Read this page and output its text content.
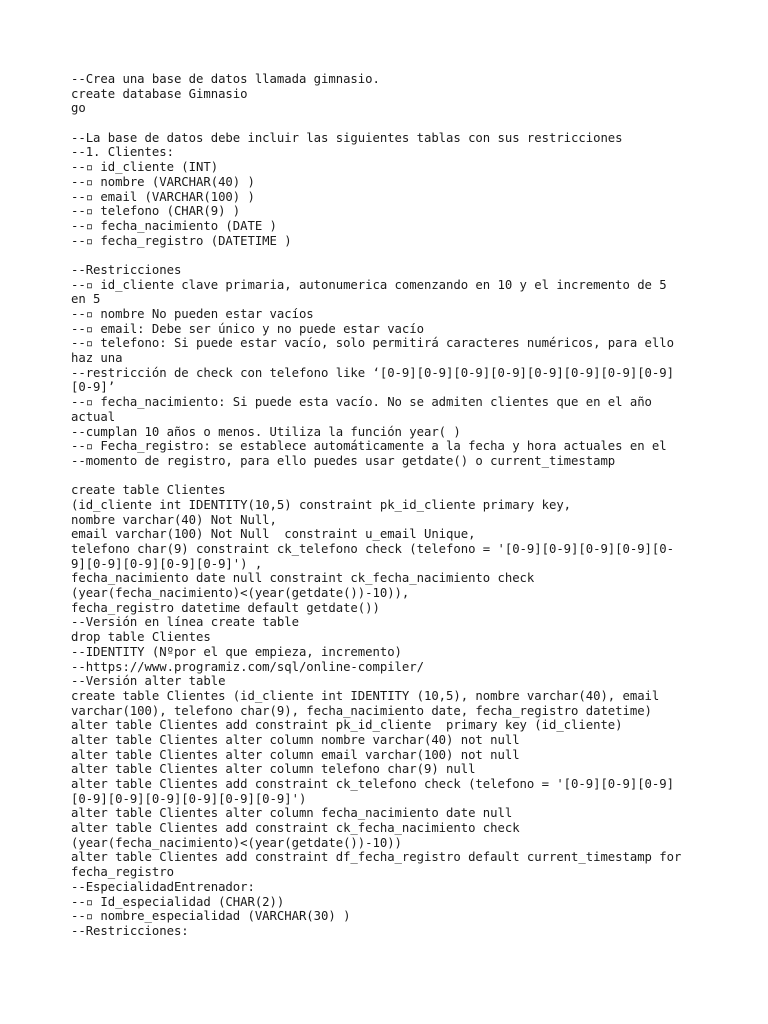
--Crea una base de datos llamada gimnasio.
create database Gimnasio
go
--La base de datos debe incluir las siguientes tablas con sus restricciones
--1. Clientes:
--▫ id_cliente (INT)
--▫ nombre (VARCHAR(40) )
--▫ email (VARCHAR(100) )
--▫ telefono (CHAR(9) )
--▫ fecha_nacimiento (DATE )
--▫ fecha_registro (DATETIME )
--Restricciones
--▫ id_cliente clave primaria, autonumerica comenzando en 10 y el incremento de 5
en 5
--▫ nombre No pueden estar vacíos
--▫ email: Debe ser único y no puede estar vacío
--▫ telefono: Si puede estar vacío, solo permitirá caracteres numéricos, para ello
haz una
--restricción de check con telefono like ‘[0-9][0-9][0-9][0-9][0-9][0-9][0-9][0-9]
[0-9]’
--▫ fecha_nacimiento: Si puede esta vacío. No se admiten clientes que en el año
actual
--cumplan 10 años o menos. Utiliza la función year( )
--▫ Fecha_registro: se establece automáticamente a la fecha y hora actuales en el
--momento de registro, para ello puedes usar getdate() o current_timestamp
create table Clientes
(id_cliente int IDENTITY(10,5) constraint pk_id_cliente primary key,
nombre varchar(40) Not Null,
email varchar(100) Not Null  constraint u_email Unique,
telefono char(9) constraint ck_telefono check (telefono = '[0-9][0-9][0-9][0-9][0-
9][0-9][0-9][0-9][0-9]') ,
fecha_nacimiento date null constraint ck_fecha_nacimiento check
(year(fecha_nacimiento)<(year(getdate())-10)),
fecha_registro datetime default getdate())
--Versión en línea create table
drop table Clientes
--IDENTITY (Nºpor el que empieza, incremento)
--https://www.programiz.com/sql/online-compiler/
--Versión alter table
create table Clientes (id_cliente int IDENTITY (10,5), nombre varchar(40), email
varchar(100), telefono char(9), fecha_nacimiento date, fecha_registro datetime)
alter table Clientes add constraint pk_id_cliente  primary key (id_cliente)
alter table Clientes alter column nombre varchar(40) not null
alter table Clientes alter column email varchar(100) not null
alter table Clientes alter column telefono char(9) null
alter table Clientes add constraint ck_telefono check (telefono = '[0-9][0-9][0-9]
[0-9][0-9][0-9][0-9][0-9][0-9]')
alter table Clientes alter column fecha_nacimiento date null
alter table Clientes add constraint ck_fecha_nacimiento check
(year(fecha_nacimiento)<(year(getdate())-10))
alter table Clientes add constraint df_fecha_registro default current_timestamp for
fecha_registro
--EspecialidadEntrenador:
--▫ Id_especialidad (CHAR(2))
--▫ nombre_especialidad (VARCHAR(30) )
--Restricciones:
